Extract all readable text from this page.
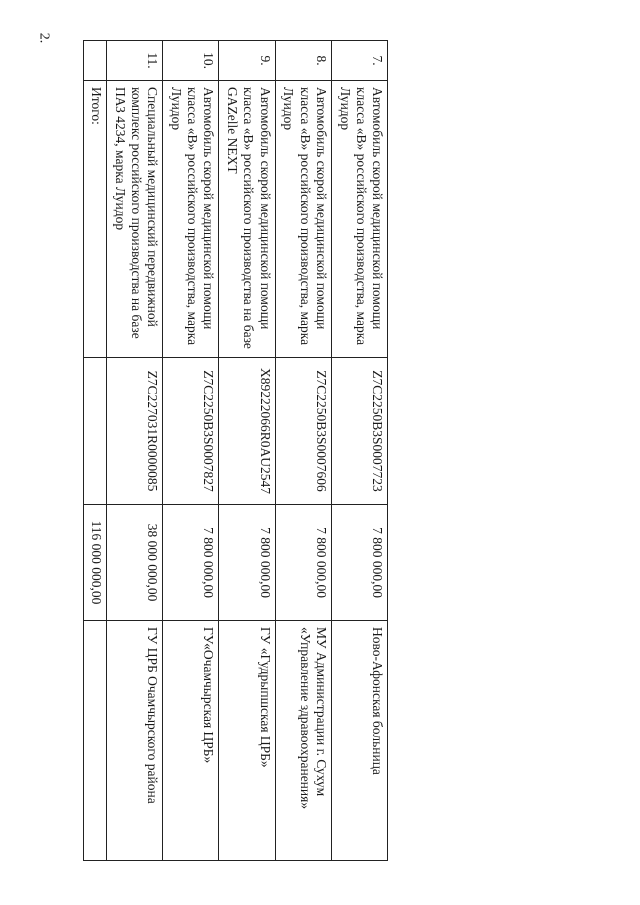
2.
7.	Автомобиль скорой медицинской помощи класса «В» российского производства, марка Луидор	Z7C2250B3S0007723	7 800 000,00	Ново-Афонская больница
8.	Автомобиль скорой медицинской помощи класса «В» российского производства, марка Луидор	Z7C2250B3S0007606	7 800 000,00	МУ Администрации г. Сухум «Управление здравоохранения»
9.	Автомобиль скорой медицинской помощи класса «В» российского производства на базе GAZelle NEXT	X89222066R0AU2547	7 800 000,00	ГУ «Гудрыпшская ЦРБ»
10.	Автомобиль скорой медицинской помощи класса «В» российского производства, марка Луидор	Z7C2250B3S0007827	7 800 000,00	ГУ«Очамчырская ЦРБ»
11.	Специальный медицинский передвижной комплекс российского производства на базе ПАЗ 4234, марка Луидор	Z7C227031R0000085	38 000 000,00	ГУ ЦРБ Очамчырского района
	Итого:		116 000 000,00	
